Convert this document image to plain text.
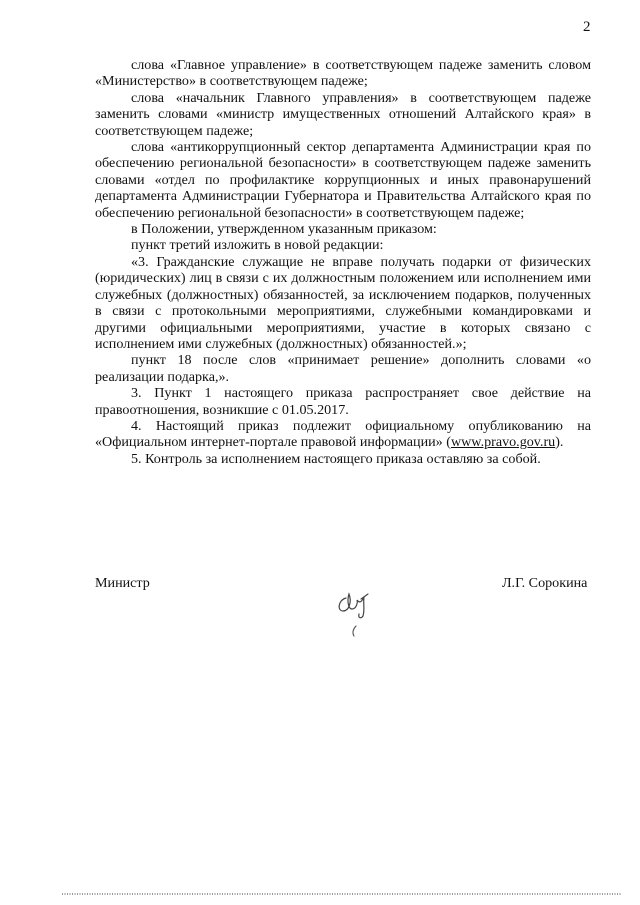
2

слова «Главное управление» в соответствующем падеже заменить словом «Министерство» в соответствующем падеже;

слова «начальник Главного управления» в соответствующем падеже заменить словами «министр имущественных отношений Алтайского края» в соответствующем падеже;

слова «антикоррупционный сектор департамента Администрации края по обеспечению региональной безопасности» в соответствующем падеже заменить словами «отдел по профилактике коррупционных и иных правонарушений департамента Администрации Губернатора и Правительства Алтайского края по обеспечению региональной безопасности» в соответствующем падеже;

в Положении, утвержденном указанным приказом:

пункт третий изложить в новой редакции:

«3. Гражданские служащие не вправе получать подарки от физических (юридических) лиц в связи с их должностным положением или исполнением ими служебных (должностных) обязанностей, за исключением подарков, полученных в связи с протокольными мероприятиями, служебными командировками и другими официальными мероприятиями, участие в которых связано с исполнением ими служебных (должностных) обязанностей.»;

пункт 18 после слов «принимает решение» дополнить словами «о реализации подарка,».

3. Пункт 1 настоящего приказа распространяет свое действие на правоотношения, возникшие с 01.05.2017.

4. Настоящий приказ подлежит официальному опубликованию на «Официальном интернет-портале правовой информации» (www.pravo.gov.ru).

5. Контроль за исполнением настоящего приказа оставляю за собой.

Министр	Л.Г. Сорокина
